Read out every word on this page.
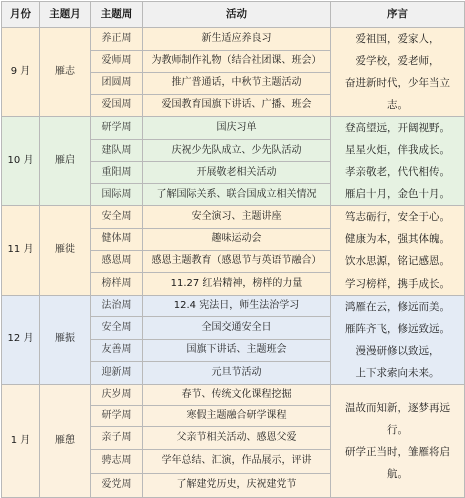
月份	主题月	主题周	活动	序言
9 月	雁志	养正周	新生适应养良习	爱祖国，爱家人，
爱学校，爱老师，
奋进新时代，少年当立志。

		爱师周	为教师制作礼物（结合社团课、班会）	
		团圆周	推广普通话，中秋节主题活动	
		爱国周	爱国教育国旗下讲话、广播、班会	
10 月	雁启	研学周	国庆习单	登高望远，开阔视野。
星星火炬，伴我成长。
孝亲敬老，代代相传。
雁启十月，金色十月。

		建队周	庆祝少先队成立、少先队活动	
		重阳周	开展敬老相关活动	
		国际周	了解国际关系、联合国成立相关情况	
11 月	雁徙	安全周	安全演习、主题讲座	笃志砺行，安全于心。
健康为本，强其体魄。
饮水思源，铭记感恩。
学习榜样，携手成长。

		健体周	趣味运动会	
		感恩周	感恩主题教育（感恩节与英语节融合）	
		榜样周	11.27 红岩精神，榜样的力量	
12 月	雁振	法治周	12.4 宪法日，师生法治学习	鸿雁在云，修远而美。
雁阵齐飞，修远致远。
漫漫研修以致远，
上下求索向未来。

		安全周	全国交通安全日	
		友善周	国旗下讲话、主题班会	
		迎新周	元旦节活动	
1 月	雁憩	庆岁周	春节、传统文化课程挖掘	温故而知新，逐梦再远行。
研学正当时，雏雁将启航。

		研学周	寒假主题融合研学课程	
		亲子周	父亲节相关活动、感恩父爱	
		骋志周	学年总结、汇演，作品展示，评讲	
		爱党周	了解建党历史，庆祝建党节	
